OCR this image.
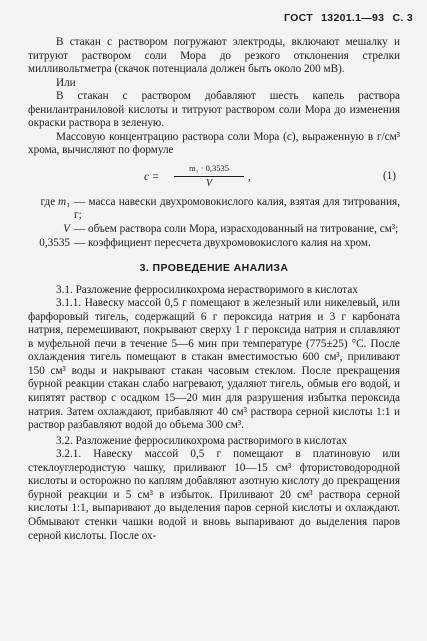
ГОСТ 13201.1—93 С. 3

В стакан с раствором погружают электроды, включают мешалку и титруют раствором соли Мора до резкого отклонения стрелки милливольтметра (скачок потенциала должен быть около 200 мВ).

Или

В стакан с раствором добавляют шесть капель раствора фенилантраниловой кислоты и титруют раствором соли Мора до изменения окраски раствора в зеленую.

Массовую концентрацию раствора соли Мора (c), выраженную в г/см³ хрома, вычисляют по формуле

c =
m₁ · 0,3535
V
,	(1)
где m₁ — масса навески двухромовокислого калия, взятая для титрования, г;
V — объем раствора соли Мора, израсходованный на титрование, см³;
0,3535 — коэффициент пересчета двухромовокислого калия на хром.
3. ПРОВЕДЕНИЕ АНАЛИЗА

3.1. Разложение ферросиликохрома нерастворимого в кислотах

3.1.1. Навеску массой 0,5 г помещают в железный или никелевый, или фарфоровый тигель, содержащий 6 г пероксида натрия и 3 г карбоната натрия, перемешивают, покрывают сверху 1 г пероксида натрия и сплавляют в муфельной печи в течение 5—6 мин при температуре (775±25) °С. После охлаждения тигель помещают в стакан вместимостью 600 см³, приливают 150 см³ воды и накрывают стакан часовым стеклом. После прекращения бурной реакции стакан слабо нагревают, удаляют тигель, обмыв его водой, и кипятят раствор с осадком 15—20 мин для разрушения избытка пероксида натрия. Затем охлаждают, прибавляют 40 см³ раствора серной кислоты 1:1 и раствор разбавляют водой до объема 300 см³.

3.2. Разложение ферросиликохрома растворимого в кислотах

3.2.1. Навеску массой 0,5 г помещают в платиновую или стеклоуглеродистую чашку, приливают 10—15 см³ фтористоводородной кислоты и осторожно по каплям добавляют азотную кислоту до прекращения бурной реакции и 5 см³ в избыток. Приливают 20 см³ раствора серной кислоты 1:1, выпаривают до выделения паров серной кислоты и охлаждают. Обмывают стенки чашки водой и вновь выпаривают до выделения паров серной кислоты. После ох-
